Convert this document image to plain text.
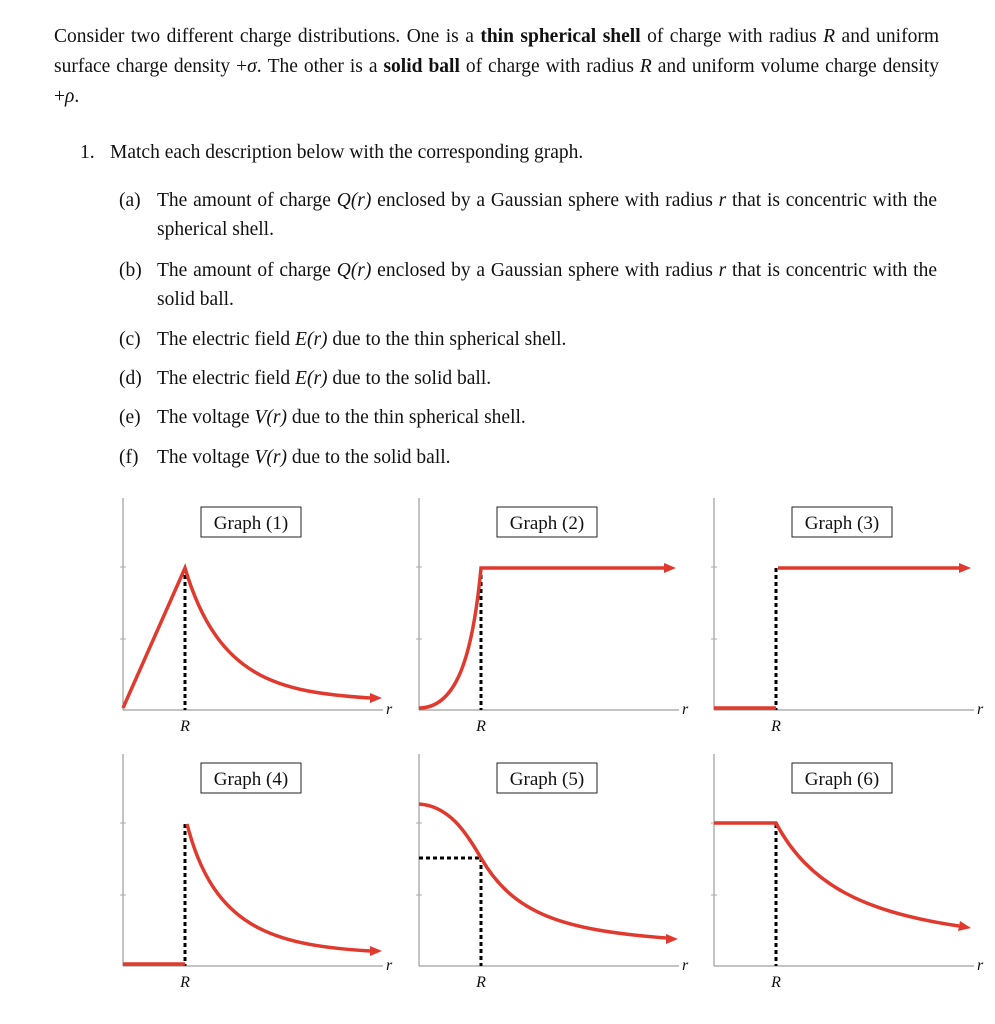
Consider two different charge distributions. One is a thin spherical shell of charge with radius R and uniform surface charge density +σ. The other is a solid ball of charge with radius R and uniform volume charge density +ρ.

1. Match each description below with the corresponding graph.

(a) The amount of charge Q(r) enclosed by a Gaussian sphere with radius r that is concentric with the spherical shell.
(b) The amount of charge Q(r) enclosed by a Gaussian sphere with radius r that is concentric with the solid ball.
(c) The electric field E(r) due to the thin spherical shell.
(d) The electric field E(r) due to the solid ball.
(e) The voltage V(r) due to the thin spherical shell.
(f) The voltage V(r) due to the solid ball.
Graph (1)
R
r
Graph (2)
R
r
Graph (3)
R
r
Graph (4)
R
r
Graph (5)
R
r
Graph (6)
R
r
